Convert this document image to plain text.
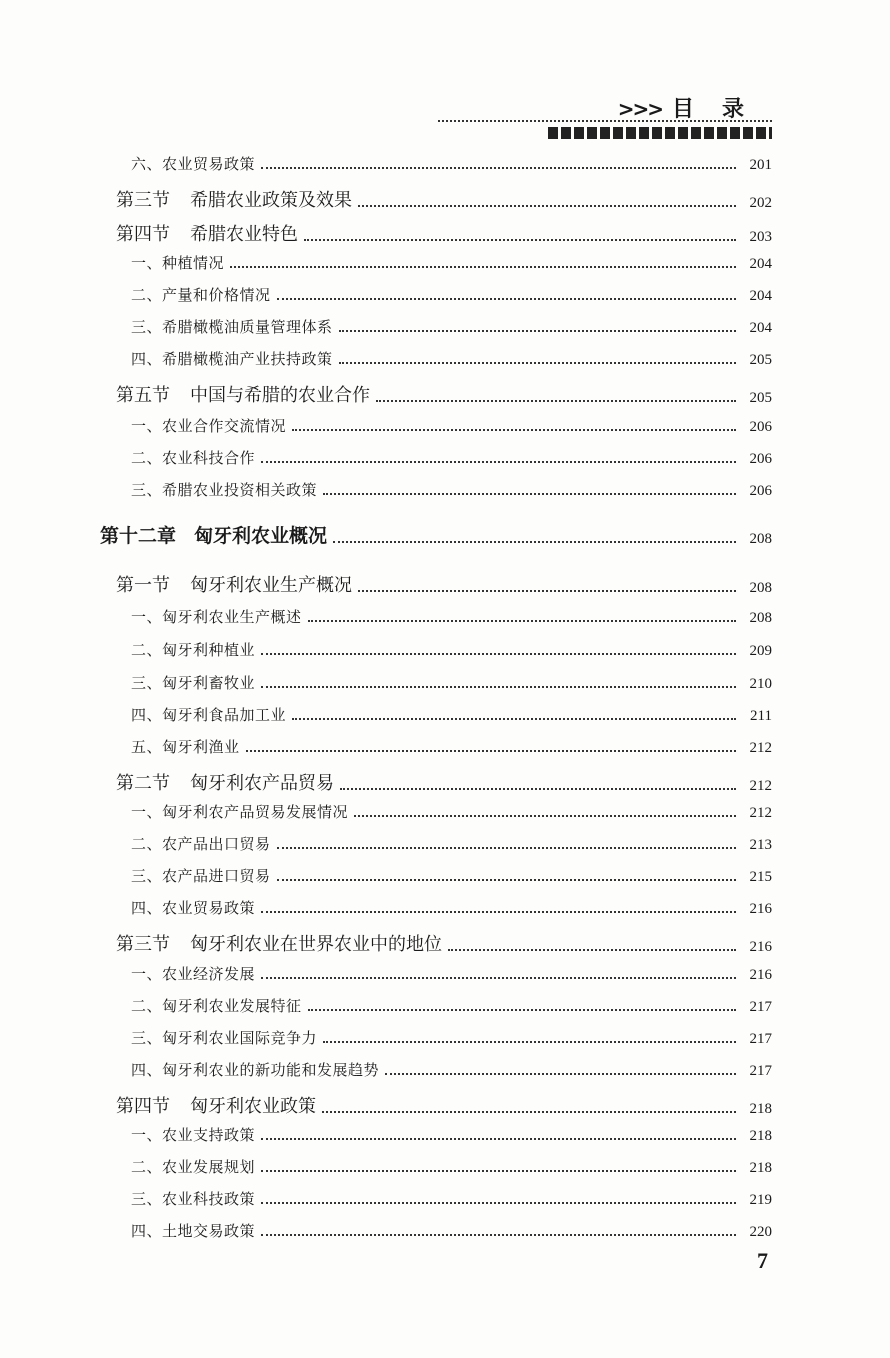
>>> 目录
六、农业贸易政策	201
第三节 希腊农业政策及效果	202
第四节 希腊农业特色	203
一、种植情况	204
二、产量和价格情况	204
三、希腊橄榄油质量管理体系	204
四、希腊橄榄油产业扶持政策	205
第五节 中国与希腊的农业合作	205
一、农业合作交流情况	206
二、农业科技合作	206
三、希腊农业投资相关政策	206
第十二章 匈牙利农业概况	208
第一节 匈牙利农业生产概况	208
一、匈牙利农业生产概述	208
二、匈牙利种植业	209
三、匈牙利畜牧业	210
四、匈牙利食品加工业	211
五、匈牙利渔业	212
第二节 匈牙利农产品贸易	212
一、匈牙利农产品贸易发展情况	212
二、农产品出口贸易	213
三、农产品进口贸易	215
四、农业贸易政策	216
第三节 匈牙利农业在世界农业中的地位	216
一、农业经济发展	216
二、匈牙利农业发展特征	217
三、匈牙利农业国际竞争力	217
四、匈牙利农业的新功能和发展趋势	217
第四节 匈牙利农业政策	218
一、农业支持政策	218
二、农业发展规划	218
三、农业科技政策	219
四、土地交易政策	220
7
